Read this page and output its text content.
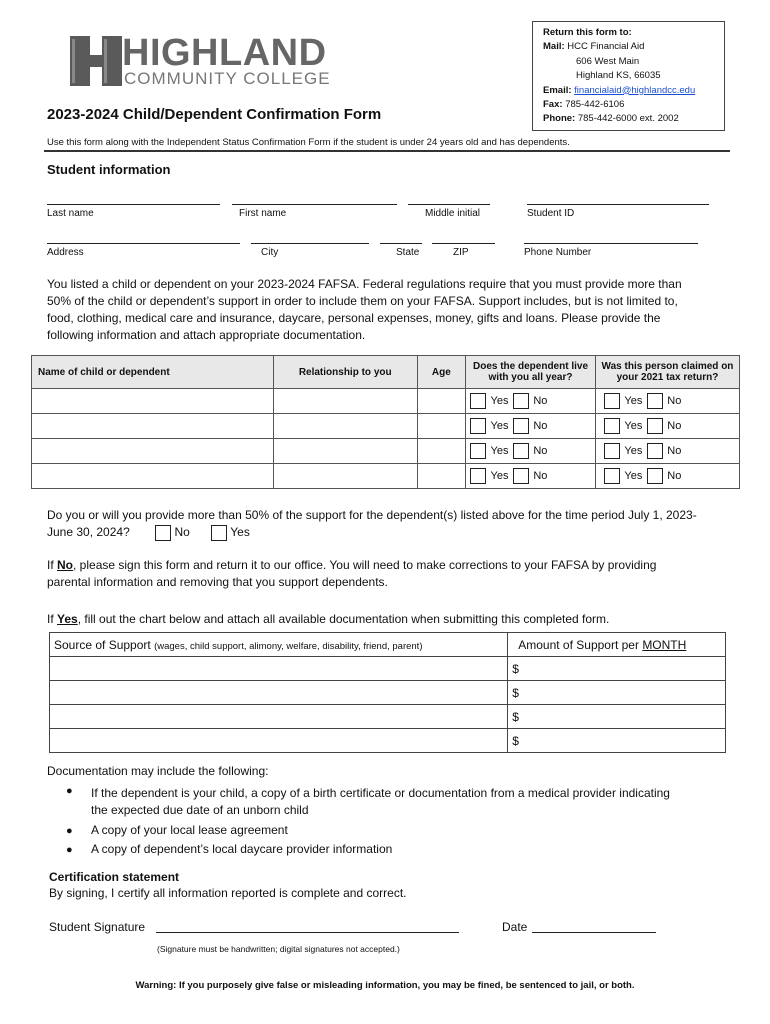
HIGHLAND
COMMUNITY COLLEGE
2023-2024 Child/Dependent Confirmation Form
Return this form to:
Mail: HCC Financial Aid
606 West Main
Highland KS, 66035
Email: financialaid@highlandcc.edu
Fax: 785-442-6106
Phone: 785-442-6000 ext. 2002
Use this form along with the Independent Status Confirmation Form if the student is under 24 years old and has dependents.
Student information
Last name	First name	Middle initial	Student ID
Address	City	State	ZIP	Phone Number
You listed a child or dependent on your 2023-2024 FAFSA. Federal regulations require that you must provide more than 50% of the child or dependent’s support in order to include them on your FAFSA. Support includes, but is not limited to, food, clothing, medical care and insurance, daycare, personal expenses, money, gifts and loans. Please provide the following information and attach appropriate documentation.
Name of child or dependent	Relationship to you	Age	Does the dependent live with you all year?	Was this person claimed on your 2021 tax return?
			Yes No	Yes No
			Yes No	Yes No
			Yes No	Yes No
			Yes No	Yes No
Do you or will you provide more than 50% of the support for the dependent(s) listed above for the time period July 1, 2023-June 30, 2024?	No	Yes
If No, please sign this form and return it to our office. You will need to make corrections to your FAFSA by providing parental information and removing that you support dependents.
If Yes, fill out the chart below and attach all available documentation when submitting this completed form.
Source of Support (wages, child support, alimony, welfare, disability, friend, parent)	Amount of Support per MONTH
	$
	$
	$
	$
Documentation may include the following:
● If the dependent is your child, a copy of a birth certificate or documentation from a medical provider indicating the expected due date of an unborn child
● A copy of your local lease agreement
● A copy of dependent’s local daycare provider information
Certification statement
By signing, I certify all information reported is complete and correct.
Student Signature	Date
(Signature must be handwritten; digital signatures not accepted.)
Warning: If you purposely give false or misleading information, you may be fined, be sentenced to jail, or both.
